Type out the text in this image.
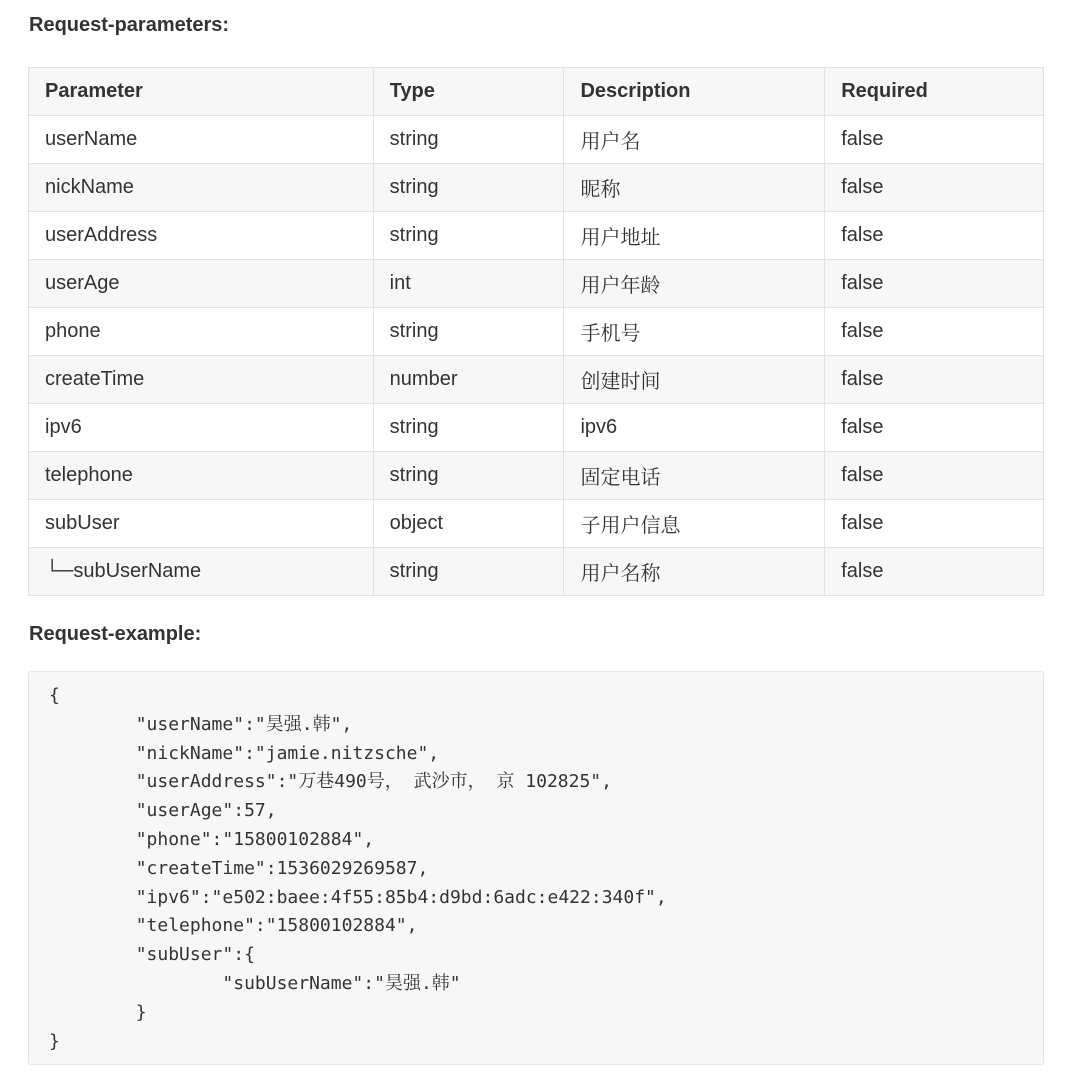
Request-parameters:
Parameter	Type	Description	Required
userName	string	用户名	false
nickName	string	昵称	false
userAddress	string	用户地址	false
userAge	int	用户年龄	false
phone	string	手机号	false
createTime	number	创建时间	false
ipv6	string	ipv6	false
telephone	string	固定电话	false
subUser	object	子用户信息	false
└─subUserName	string	用户名称	false
Request-example:
{
	"userName":"昊强.韩",
	"nickName":"jamie.nitzsche",
	"userAddress":"万巷490号， 武沙市， 京 102825",
	"userAge":57,
	"phone":"15800102884",
	"createTime":1536029269587,
	"ipv6":"e502:baee:4f55:85b4:d9bd:6adc:e422:340f",
	"telephone":"15800102884",
	"subUser":{
		"subUserName":"昊强.韩"
	}
}
